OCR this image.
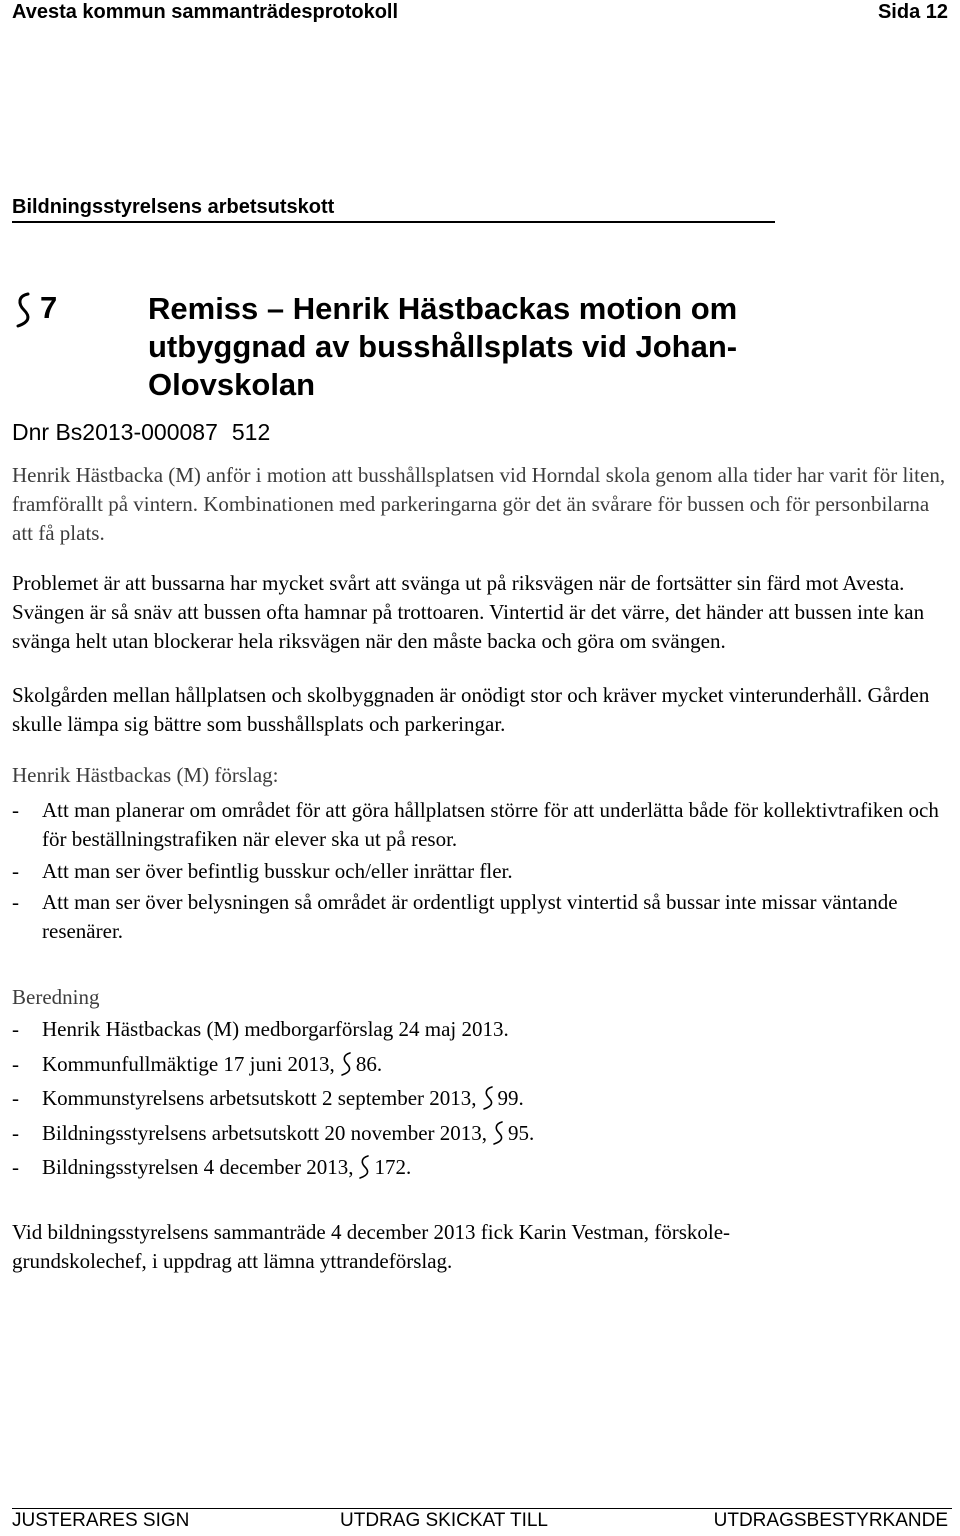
Avesta kommun sammanträdesprotokoll	Sida 12
Bildningsstyrelsens arbetsutskott
7	Remiss – Henrik Hästbackas motion om utbyggnad av busshållsplats vid Johan-Olovskolan
Dnr Bs2013-000087 512

Henrik Hästbacka (M) anför i motion att busshållsplatsen vid Horndal skola genom alla tider har varit för liten, framförallt på vintern. Kombinationen med parkeringarna gör det än svårare för bussen och för personbilarna att få plats.

Problemet är att bussarna har mycket svårt att svänga ut på riksvägen när de fortsätter sin färd mot Avesta. Svängen är så snäv att bussen ofta hamnar på trottoaren. Vintertid är det värre, det händer att bussen inte kan svänga helt utan blockerar hela riksvägen när den måste backa och göra om svängen.

Skolgården mellan hållplatsen och skolbyggnaden är onödigt stor och kräver mycket vinterunderhåll. Gården skulle lämpa sig bättre som busshållsplats och parkeringar.

Henrik Hästbackas (M) förslag:

-	Att man planerar om området för att göra hållplatsen större för att underlätta både för kollektivtrafiken och för beställningstrafiken när elever ska ut på resor.
-	Att man ser över befintlig busskur och/eller inrättar fler.
-	Att man ser över belysningen så området är ordentligt upplyst vintertid så bussar inte missar väntande resenärer.

Beredning

-	Henrik Hästbackas (M) medborgarförslag 24 maj 2013.
-	Kommunfullmäktige 17 juni 2013, 86.
-	Kommunstyrelsens arbetsutskott 2 september 2013, 99.
-	Bildningsstyrelsens arbetsutskott 20 november 2013, 95.
-	Bildningsstyrelsen 4 december 2013, 172.

Vid bildningsstyrelsens sammanträde 4 december 2013 fick Karin Vestman, förskole-grundskolechef, i uppdrag att lämna yttrandeförslag.

JUSTERARES SIGN	UTDRAG SKICKAT TILL	UTDRAGSBESTYRKANDE
